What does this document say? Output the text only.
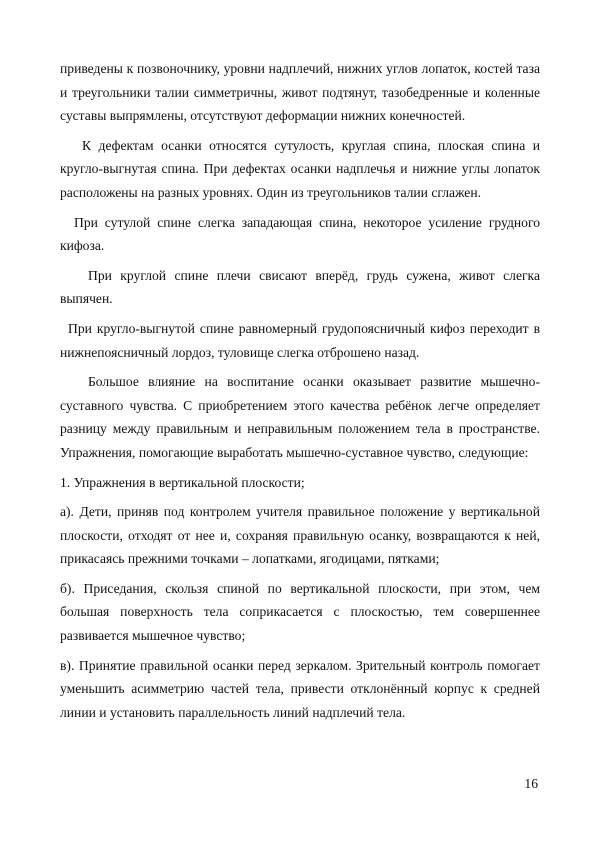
приведены к позвоночнику, уровни надплечий, нижних углов лопаток, костей таза и треугольники талии симметричны, живот подтянут, тазобедренные и коленные суставы выпрямлены, отсутствуют деформации нижних конечностей.

К дефектам осанки относятся сутулость, круглая спина, плоская спина и кругло-выгнутая спина. При дефектах осанки надплечья и нижние углы лопаток расположены на разных уровнях. Один из треугольников талии сглажен.

При сутулой спине слегка западающая спина, некоторое усиление грудного кифоза.

При круглой спине плечи свисают вперёд, грудь сужена, живот слегка выпячен.

При кругло-выгнутой спине равномерный грудопоясничный кифоз переходит в нижнепоясничный лордоз, туловище слегка отброшено назад.

Большое влияние на воспитание осанки оказывает развитие мышечно-суставного чувства. С приобретением этого качества ребёнок легче определяет разницу между правильным и неправильным положением тела в пространстве. Упражнения, помогающие выработать мышечно-суставное чувство, следующие:

1. Упражнения в вертикальной плоскости;

а). Дети, приняв под контролем учителя правильное положение у вертикальной плоскости, отходят от нее и, сохраняя правильную осанку, возвращаются к ней, прикасаясь прежними точками – лопатками, ягодицами, пятками;

б). Приседания, скользя спиной по вертикальной плоскости, при этом, чем большая поверхность тела соприкасается с плоскостью, тем совершеннее развивается мышечное чувство;

в). Принятие правильной осанки перед зеркалом. Зрительный контроль помогает уменьшить асимметрию частей тела, привести отклонённый корпус к средней линии и установить параллельность линий надплечий тела.

16
